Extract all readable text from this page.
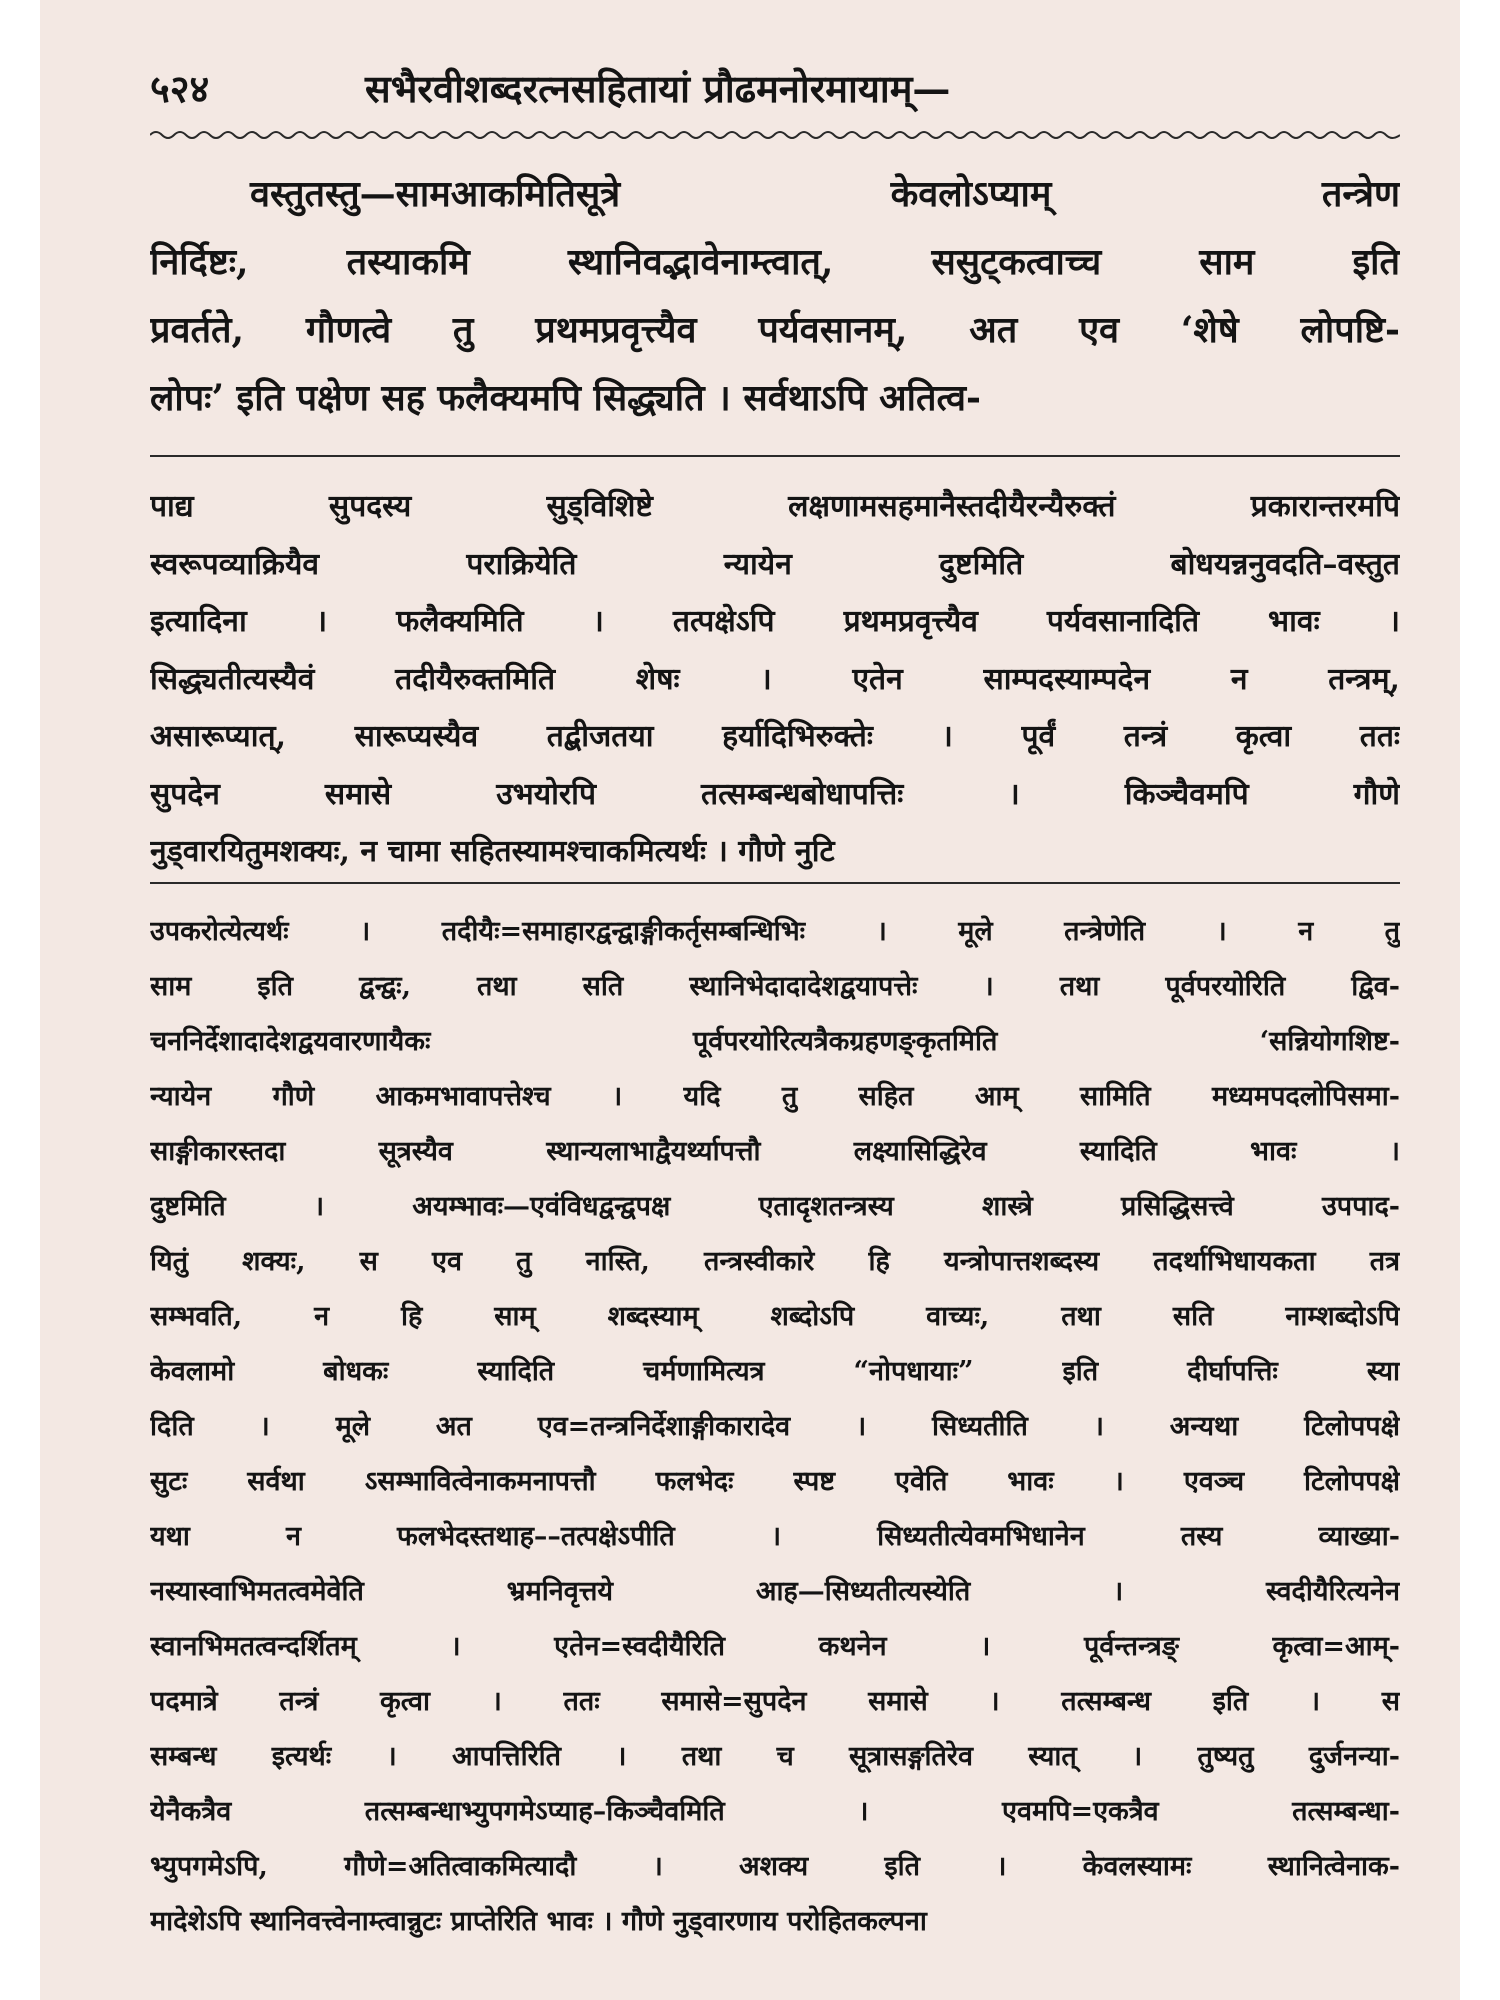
५२४	सभैरवीशब्दरत्नसहितायां प्रौढमनोरमायाम्—
वस्तुतस्तु—सामआकमितिसूत्रे केवलोऽप्याम् तन्त्रेण
निर्दिष्टः, तस्याकमि स्थानिवद्भावेनाम्त्वात्, ससुट्कत्वाच्च साम इति
प्रवर्तते, गौणत्वे तु प्रथमप्रवृत्त्यैव पर्यवसानम्, अत एव ‘शेषे लोपष्टि-
लोपः’ इति पक्षेण सह फलैक्यमपि सिद्ध्यति । सर्वथाऽपि अतित्व-
पाद्य सुपदस्य सुड्विशिष्टे लक्षणामसहमानैस्तदीयैरन्यैरुक्तं प्रकारान्तरमपि
स्वरूपव्याक्रियैव पराक्रियेति न्यायेन दुष्टमिति बोधयन्ननुवदति–वस्तुत
इत्यादिना । फलैक्यमिति । तत्पक्षेऽपि प्रथमप्रवृत्त्यैव पर्यवसानादिति भावः ।
सिद्ध्यतीत्यस्यैवं तदीयैरुक्तमिति शेषः । एतेन साम्पदस्याम्पदेन न तन्त्रम्,
असारूप्यात्, सारूप्यस्यैव तद्बीजतया हर्यादिभिरुक्तेः । पूर्वं तन्त्रं कृत्वा ततः
सुपदेन समासे उभयोरपि तत्सम्बन्धबोधापत्तिः । किञ्चैवमपि गौणे
नुड्वारयितुमशक्यः, न चामा सहितस्यामश्चाकमित्यर्थः । गौणे नुटि
उपकरोत्येत्यर्थः । तदीयैः=समाहारद्वन्द्वाङ्गीकर्तृसम्बन्धिभिः । मूले तन्त्रेणेति । न तु
साम इति द्वन्द्वः, तथा सति स्थानिभेदादादेशद्वयापत्तेः । तथा पूर्वपरयोरिति द्विव-
चननिर्देशादादेशद्वयवारणायैकः पूर्वपरयोरित्यत्रैकग्रहणङ्कृतमिति ‘सन्नियोगशिष्ट-
न्यायेन गौणे आकमभावापत्तेश्च । यदि तु सहित आम् सामिति मध्यमपदलोपिसमा-
साङ्गीकारस्तदा सूत्रस्यैव स्थान्यलाभाद्वैयर्थ्यापत्तौ लक्ष्यासिद्धिरेव स्यादिति भावः ।
दुष्टमिति । अयम्भावः—एवंविधद्वन्द्वपक्ष एतादृशतन्त्रस्य शास्त्रे प्रसिद्धिसत्त्वे उपपाद-
यितुं शक्यः, स एव तु नास्ति, तन्त्रस्वीकारे हि यन्त्रोपात्तशब्दस्य तदर्थाभिधायकता तत्र
सम्भवति, न हि साम् शब्दस्याम् शब्दोऽपि वाच्यः, तथा सति नाम्शब्दोऽपि
केवलामो बोधकः स्यादिति चर्मणामित्यत्र “नोपधायाः” इति दीर्घापत्तिः स्या
दिति । मूले अत एव=तन्त्रनिर्देशाङ्गीकारादेव । सिध्यतीति । अन्यथा टिलोपपक्षे
सुटः सर्वथा ऽसम्भावित्वेनाकमनापत्तौ फलभेदः स्पष्ट एवेति भावः । एवञ्च टिलोपपक्षे
यथा न फलभेदस्तथाह––तत्पक्षेऽपीति । सिध्यतीत्येवमभिधानेन तस्य व्याख्या-
नस्यास्वाभिमतत्वमेवेति भ्रमनिवृत्तये आह—सिध्यतीत्यस्येति । स्वदीयैरित्यनेन
स्वानभिमतत्वन्दर्शितम् । एतेन=स्वदीयैरिति कथनेन । पूर्वन्तन्त्रङ् कृत्वा=आम्-
पदमात्रे तन्त्रं कृत्वा । ततः समासे=सुपदेन समासे । तत्सम्बन्ध इति । स
सम्बन्ध इत्यर्थः । आपत्तिरिति । तथा च सूत्रासङ्गतिरेव स्यात् । तुष्यतु दुर्जनन्या-
येनैकत्रैव तत्सम्बन्धाभ्युपगमेऽप्याह–किञ्चैवमिति । एवमपि=एकत्रैव तत्सम्बन्धा-
भ्युपगमेऽपि, गौणे=अतित्वाकमित्यादौ । अशक्य इति । केवलस्यामः स्थानित्वेनाक-
मादेशेऽपि स्थानिवत्त्वेनाम्त्वान्नुटः प्राप्तेरिति भावः । गौणे नुड्वारणाय परोहितकल्पना
